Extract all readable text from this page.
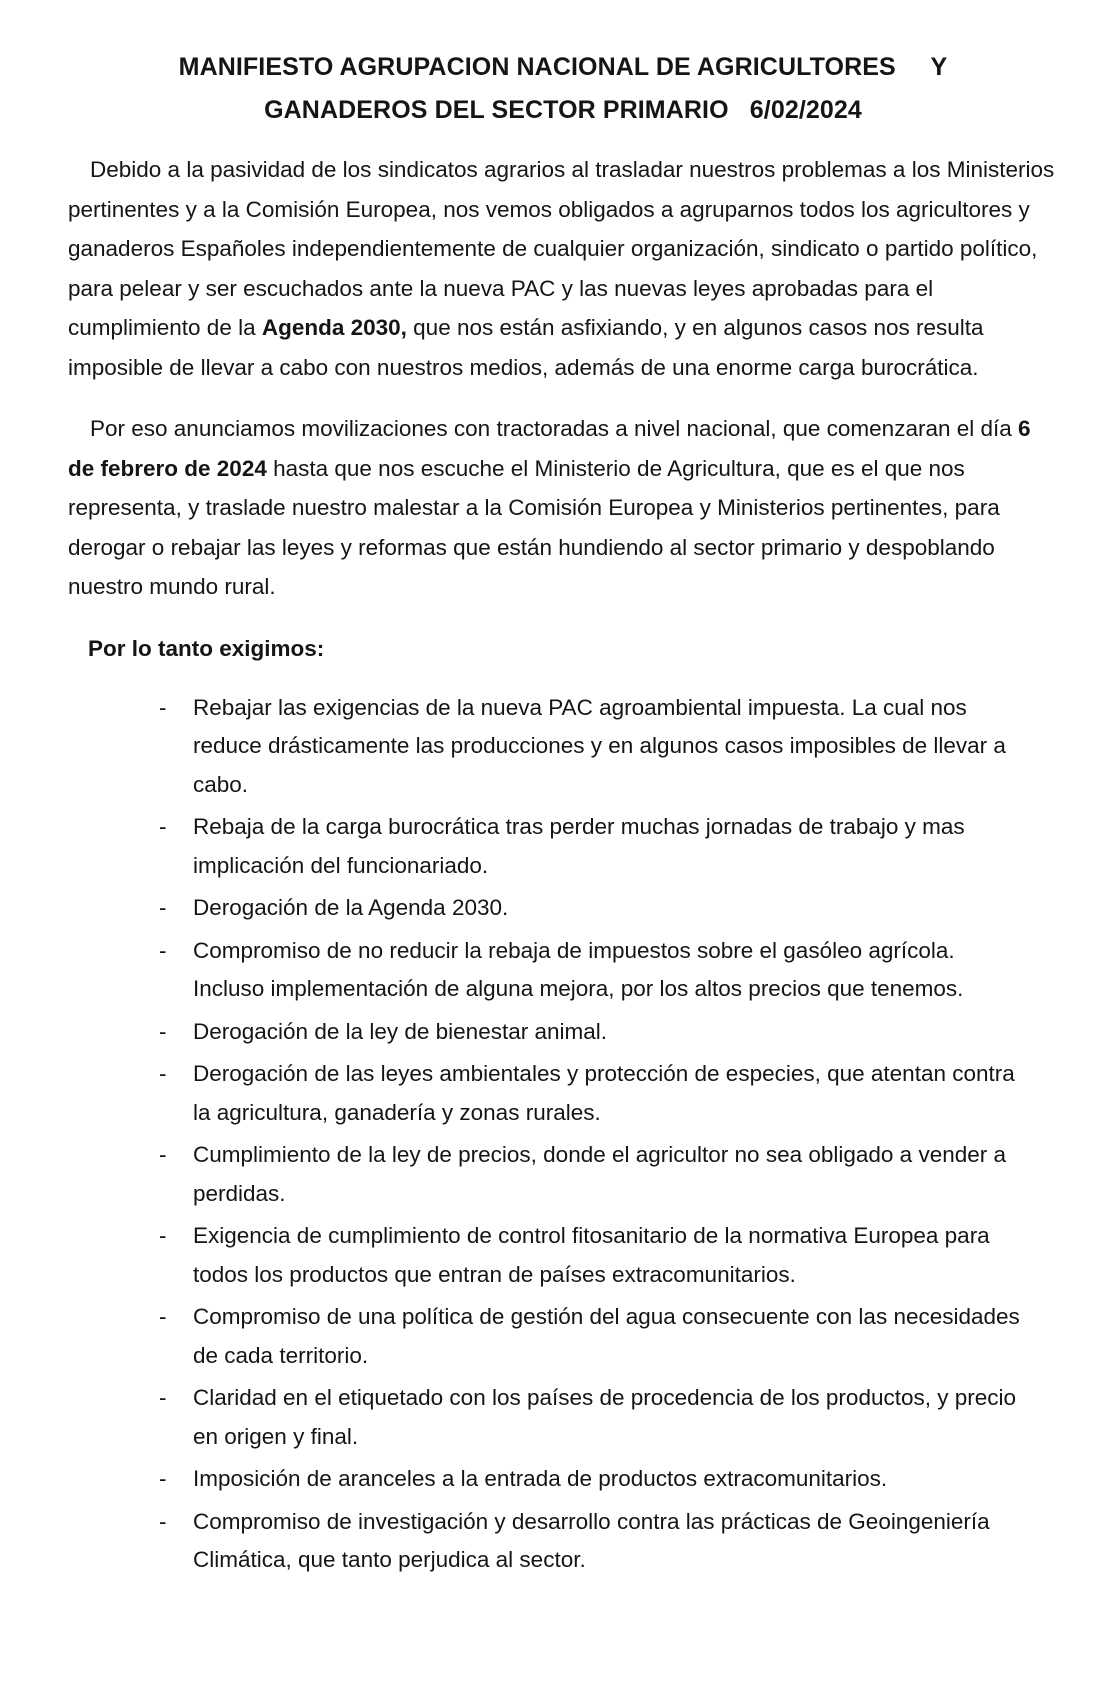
MANIFIESTO AGRUPACION NACIONAL DE AGRICULTORES     Y
GANADEROS DEL SECTOR PRIMARIO   6/02/2024

Debido a la pasividad de los sindicatos agrarios al trasladar nuestros problemas a los Ministerios pertinentes y a la Comisión Europea, nos vemos obligados a agruparnos todos los agricultores y ganaderos Españoles independientemente de cualquier organización, sindicato o partido político, para pelear y ser escuchados ante la nueva PAC y las nuevas leyes aprobadas para el cumplimiento de la Agenda 2030, que nos están asfixiando, y en algunos casos nos resulta imposible de llevar a cabo con nuestros medios, además de una enorme carga burocrática.

Por eso anunciamos movilizaciones con tractoradas a nivel nacional, que comenzaran el día 6 de febrero de 2024 hasta que nos escuche el Ministerio de Agricultura, que es el que nos representa, y traslade nuestro malestar a la Comisión Europea y Ministerios pertinentes, para derogar o rebajar las leyes y reformas que están hundiendo al sector primario y despoblando nuestro mundo rural.

Por lo tanto exigimos:
- Rebajar las exigencias de la nueva PAC agroambiental impuesta. La cual nos reduce drásticamente las producciones y en algunos casos imposibles de llevar a cabo.
- Rebaja de la carga burocrática tras perder muchas jornadas de trabajo y mas implicación del funcionariado.
- Derogación de la Agenda 2030.
- Compromiso de no reducir la rebaja de impuestos sobre el gasóleo agrícola. Incluso implementación de alguna mejora, por los altos precios que tenemos.
- Derogación de la ley de bienestar animal.
- Derogación de las leyes ambientales y protección de especies, que atentan contra la agricultura, ganadería y zonas rurales.
- Cumplimiento de la ley de precios, donde el agricultor no sea obligado a vender a perdidas.
- Exigencia de cumplimiento de control fitosanitario de la normativa Europea para todos los productos que entran de países extracomunitarios.
- Compromiso de una política de gestión del agua consecuente con las necesidades de cada territorio.
- Claridad en el etiquetado con los países de procedencia de los productos, y precio en origen y final.
- Imposición de aranceles a la entrada de productos extracomunitarios.
- Compromiso de investigación y desarrollo contra las prácticas de Geoingeniería Climática, que tanto perjudica al sector.
